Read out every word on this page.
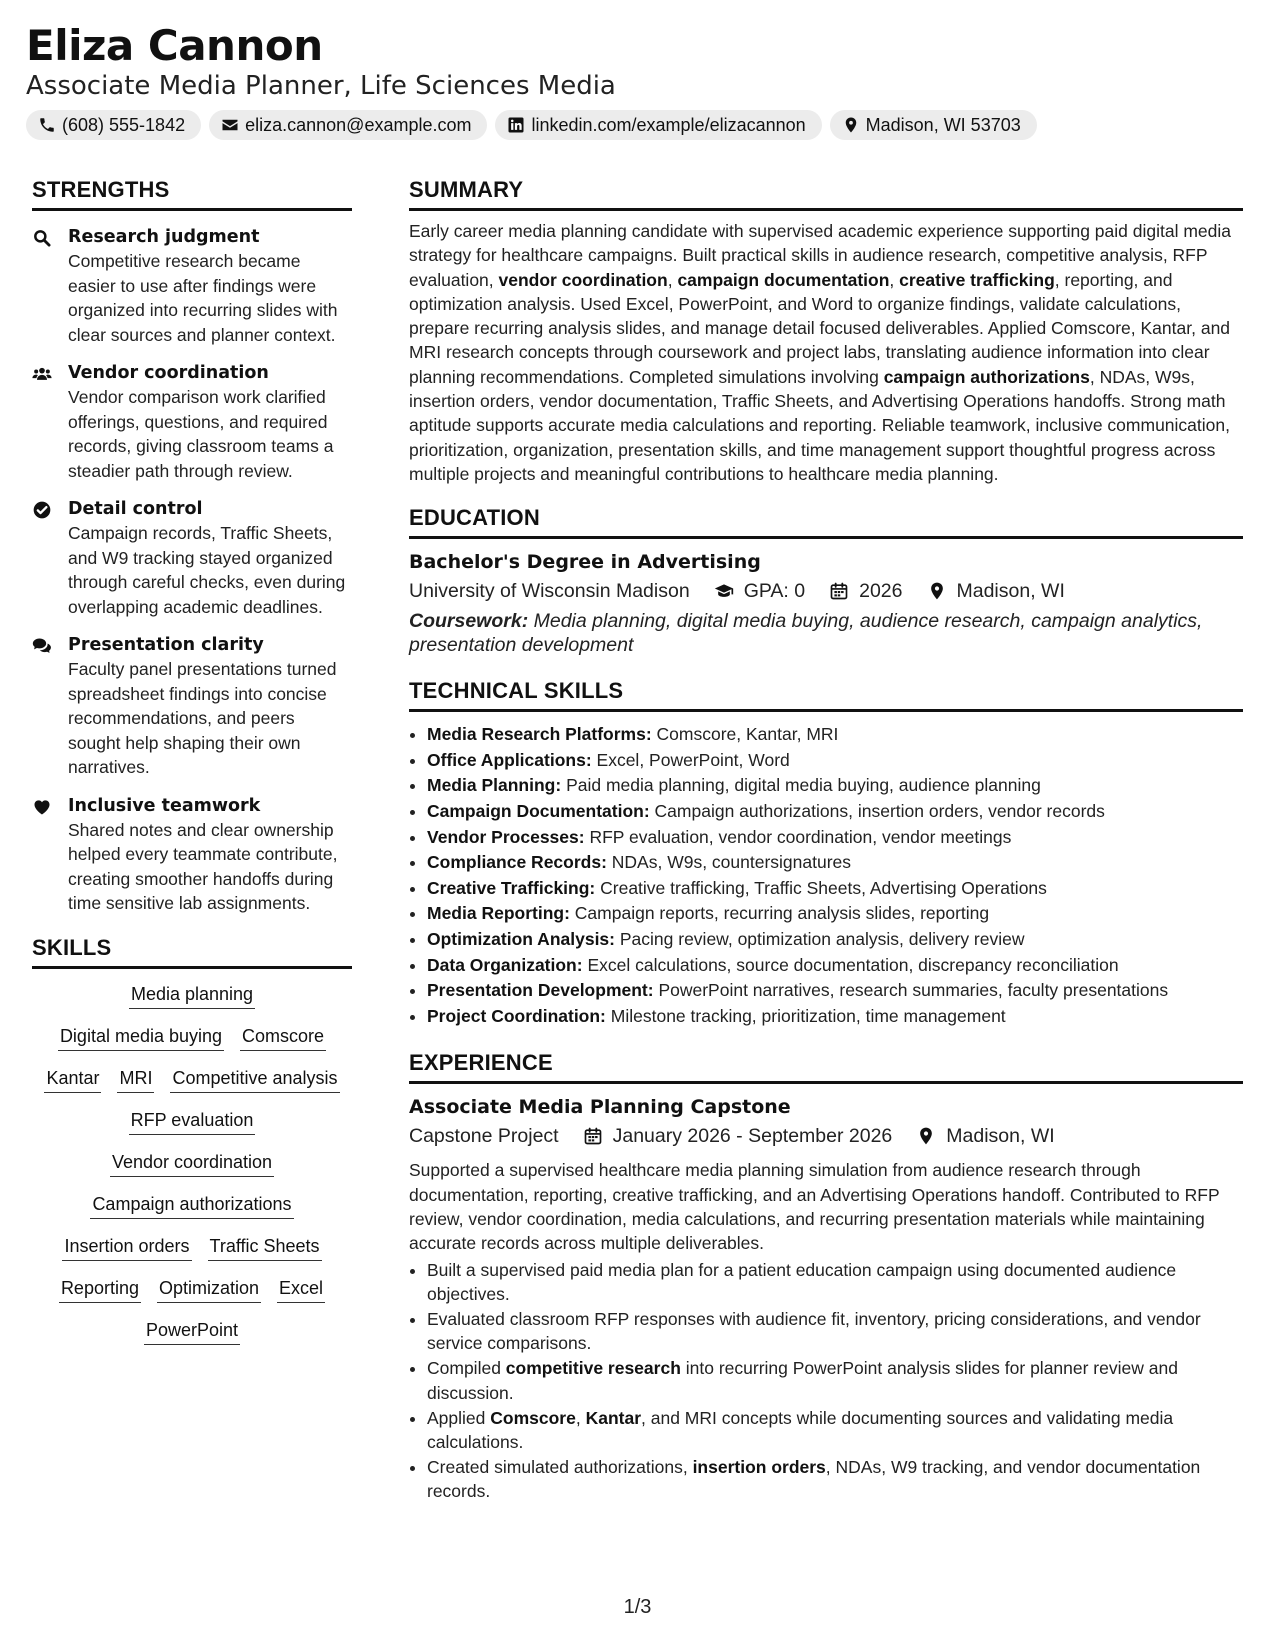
Eliza Cannon
Associate Media Planner, Life Sciences Media
(608) 555-1842	eliza.cannon@example.com	linkedin.com/example/elizacannon	Madison, WI 53703
STRENGTHS
Research judgment
Competitive research became easier to use after findings were organized into recurring slides with clear sources and planner context.
Vendor coordination
Vendor comparison work clarified offerings, questions, and required records, giving classroom teams a steadier path through review.
Detail control
Campaign records, Traffic Sheets, and W9 tracking stayed organized through careful checks, even during overlapping academic deadlines.
Presentation clarity
Faculty panel presentations turned spreadsheet findings into concise recommendations, and peers sought help shaping their own narratives.
Inclusive teamwork
Shared notes and clear ownership helped every teammate contribute, creating smoother handoffs during time sensitive lab assignments.
SKILLS
Media planning
Digital media buying Comscore
Kantar MRI Competitive analysis
RFP evaluation
Vendor coordination
Campaign authorizations
Insertion orders Traffic Sheets
Reporting Optimization Excel
PowerPoint
SUMMARY
Early career media planning candidate with supervised academic experience supporting paid digital media strategy for healthcare campaigns. Built practical skills in audience research, competitive analysis, RFP evaluation, vendor coordination, campaign documentation, creative trafficking, reporting, and optimization analysis. Used Excel, PowerPoint, and Word to organize findings, validate calculations, prepare recurring analysis slides, and manage detail focused deliverables. Applied Comscore, Kantar, and MRI research concepts through coursework and project labs, translating audience information into clear planning recommendations. Completed simulations involving campaign authorizations, NDAs, W9s, insertion orders, vendor documentation, Traffic Sheets, and Advertising Operations handoffs. Strong math aptitude supports accurate media calculations and reporting. Reliable teamwork, inclusive communication, prioritization, organization, presentation skills, and time management support thoughtful progress across multiple projects and meaningful contributions to healthcare media planning.
EDUCATION
Bachelor's Degree in Advertising
University of Wisconsin Madison	GPA: 0	2026	Madison, WI
Coursework: Media planning, digital media buying, audience research, campaign analytics, presentation development
TECHNICAL SKILLS
• Media Research Platforms: Comscore, Kantar, MRI
• Office Applications: Excel, PowerPoint, Word
• Media Planning: Paid media planning, digital media buying, audience planning
• Campaign Documentation: Campaign authorizations, insertion orders, vendor records
• Vendor Processes: RFP evaluation, vendor coordination, vendor meetings
• Compliance Records: NDAs, W9s, countersignatures
• Creative Trafficking: Creative trafficking, Traffic Sheets, Advertising Operations
• Media Reporting: Campaign reports, recurring analysis slides, reporting
• Optimization Analysis: Pacing review, optimization analysis, delivery review
• Data Organization: Excel calculations, source documentation, discrepancy reconciliation
• Presentation Development: PowerPoint narratives, research summaries, faculty presentations
• Project Coordination: Milestone tracking, prioritization, time management
EXPERIENCE
Associate Media Planning Capstone
Capstone Project	January 2026 - September 2026	Madison, WI
Supported a supervised healthcare media planning simulation from audience research through documentation, reporting, creative trafficking, and an Advertising Operations handoff. Contributed to RFP review, vendor coordination, media calculations, and recurring presentation materials while maintaining accurate records across multiple deliverables.
• Built a supervised paid media plan for a patient education campaign using documented audience objectives.
• Evaluated classroom RFP responses with audience fit, inventory, pricing considerations, and vendor service comparisons.
• Compiled competitive research into recurring PowerPoint analysis slides for planner review and discussion.
• Applied Comscore, Kantar, and MRI concepts while documenting sources and validating media calculations.
• Created simulated authorizations, insertion orders, NDAs, W9 tracking, and vendor documentation records.
1/3
